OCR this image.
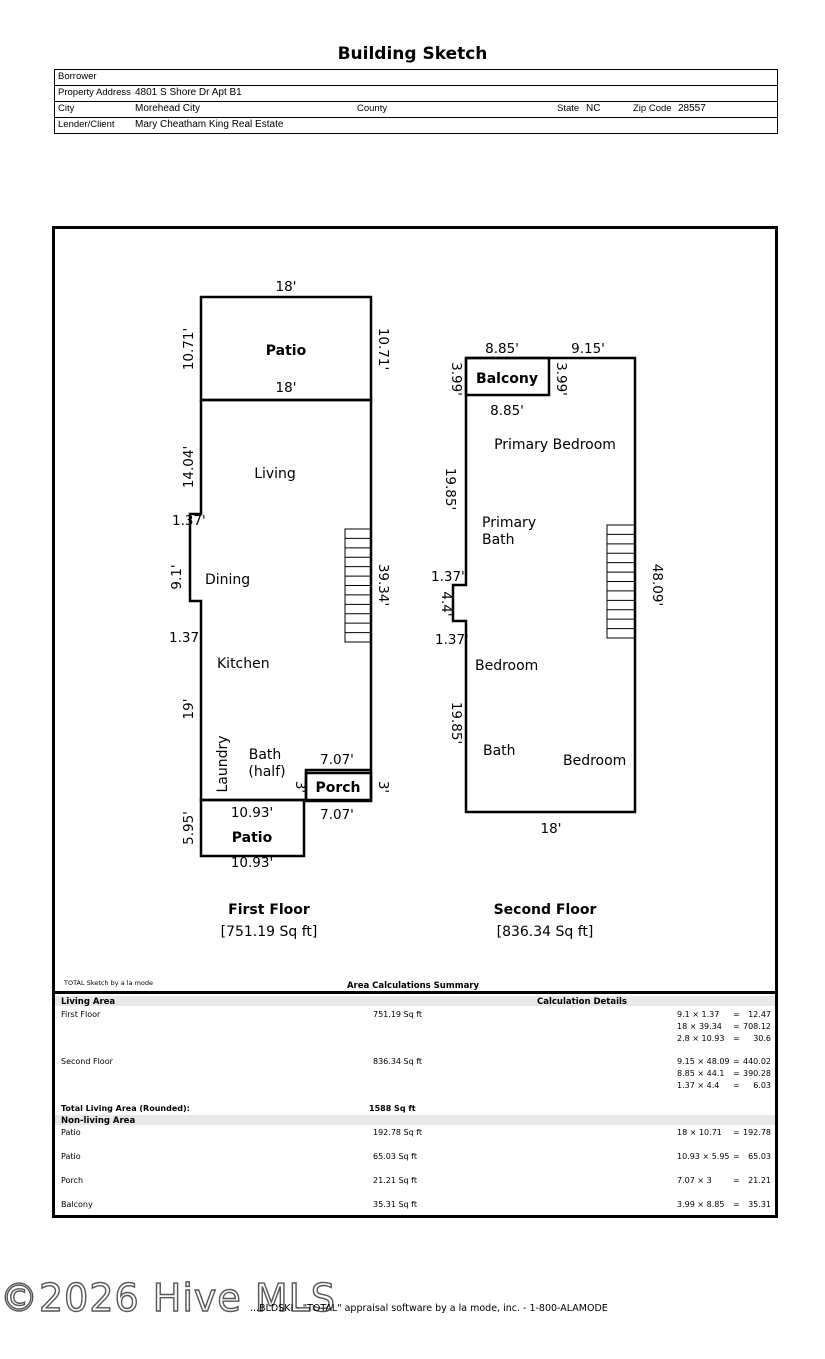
Building Sketch
Borrower
Property Address 4801 S Shore Dr Apt B1
City	Morehead City	County	State NC	Zip Code 28557
Lender/Client Mary Cheatham King Real Estate
18'
10.71'	10.71'
Patio
18'
14.04'	Living
1.37'
9.1' Dining	39.34'
1.37'
Kitchen
19'
Laundry Bath
(half)
7.07'
3' Porch 3'
7.07'
10.93'
5.95' Patio
10.93'
First Floor
[751.19 Sq ft]
8.85'	9.15'
3.99' Balcony 3.99'
8.85'
Primary Bedroom
19.85'
Primary
Bath
1.37'
4.4'	48.09'
1.37'
Bedroom
19.85'
Bath
Bedroom
18'
Second Floor
[836.34 Sq ft]
TOTAL Sketch by a la mode	Area Calculations Summary
Living Area	Calculation Details
First Floor	751.19 Sq ft	9.1 × 1.37 = 12.47
18 × 39.34 = 708.12
2.8 × 10.93 = 30.6
Second Floor	836.34 Sq ft	9.15 × 48.09 = 440.02
8.85 × 44.1 = 390.28
1.37 × 4.4 = 6.03
Total Living Area (Rounded):	1588 Sq ft
Non-living Area
Patio	192.78 Sq ft	18 × 10.71 = 192.78
Patio	65.03 Sq ft	10.93 × 5.95 = 65.03
Porch	21.21 Sq ft	7.07 × 3	= 21.21
Balcony	35.31 Sq ft	3.99 × 8.85 = 35.31
©2026 Hive MLS
...BLDSKI - "TOTAL" appraisal software by a la mode, inc. - 1-800-ALAMODE
